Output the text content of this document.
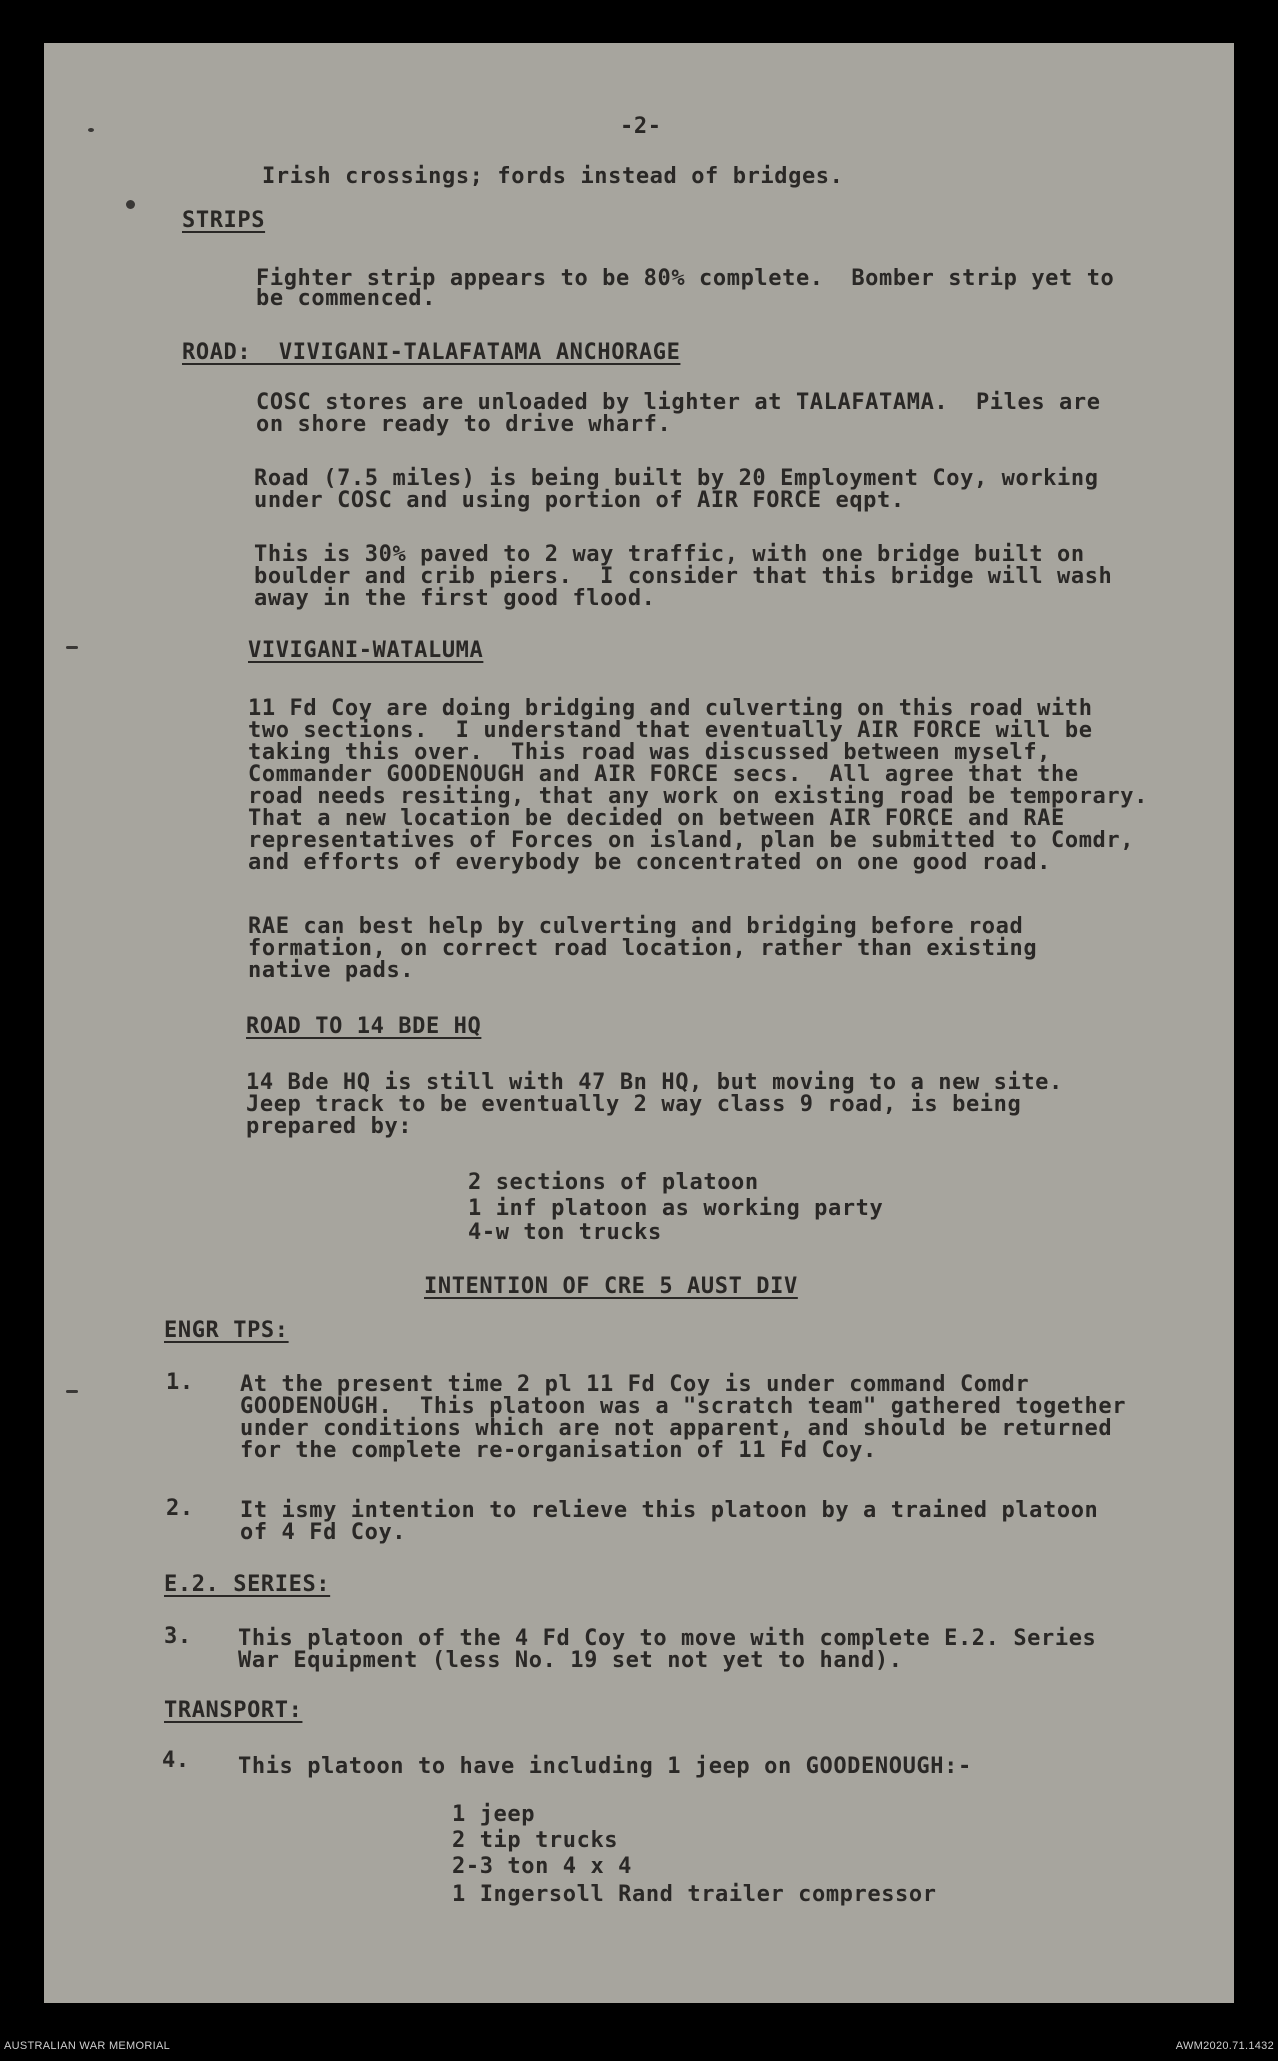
-2-

Irish crossings; fords instead of bridges.

STRIPS

Fighter strip appears to be 80% complete.  Bomber strip yet to

be commenced.

ROAD:  VIVIGANI-TALAFATAMA ANCHORAGE

COSC stores are unloaded by lighter at TALAFATAMA.  Piles are

on shore ready to drive wharf.

Road (7.5 miles) is being built by 20 Employment Coy, working

under COSC and using portion of AIR FORCE eqpt.

This is 30% paved to 2 way traffic, with one bridge built on

boulder and crib piers.  I consider that this bridge will wash

away in the first good flood.

VIVIGANI-WATALUMA

11 Fd Coy are doing bridging and culverting on this road with

two sections.  I understand that eventually AIR FORCE will be

taking this over.  This road was discussed between myself,

Commander GOODENOUGH and AIR FORCE secs.  All agree that the

road needs resiting, that any work on existing road be temporary.

That a new location be decided on between AIR FORCE and RAE

representatives of Forces on island, plan be submitted to Comdr,

and efforts of everybody be concentrated on one good road.

RAE can best help by culverting and bridging before road

formation, on correct road location, rather than existing

native pads.

ROAD TO 14 BDE HQ

14 Bde HQ is still with 47 Bn HQ, but moving to a new site.

Jeep track to be eventually 2 way class 9 road, is being

prepared by:

2 sections of platoon

1 inf platoon as working party

4-w ton trucks

INTENTION OF CRE 5 AUST DIV

ENGR TPS:

1. At the present time 2 pl 11 Fd Coy is under command Comdr

GOODENOUGH.  This platoon was a "scratch team" gathered together

under conditions which are not apparent, and should be returned

for the complete re-organisation of 11 Fd Coy.

2. It ismy intention to relieve this platoon by a trained platoon

of 4 Fd Coy.

E.2. SERIES:

3. This platoon of the 4 Fd Coy to move with complete E.2. Series

War Equipment (less No. 19 set not yet to hand).

TRANSPORT:

4. This platoon to have including 1 jeep on GOODENOUGH:-

1 jeep

2 tip trucks

2-3 ton 4 x 4

1 Ingersoll Rand trailer compressor

AUSTRALIAN WAR MEMORIAL	AWM2020.71.1432
